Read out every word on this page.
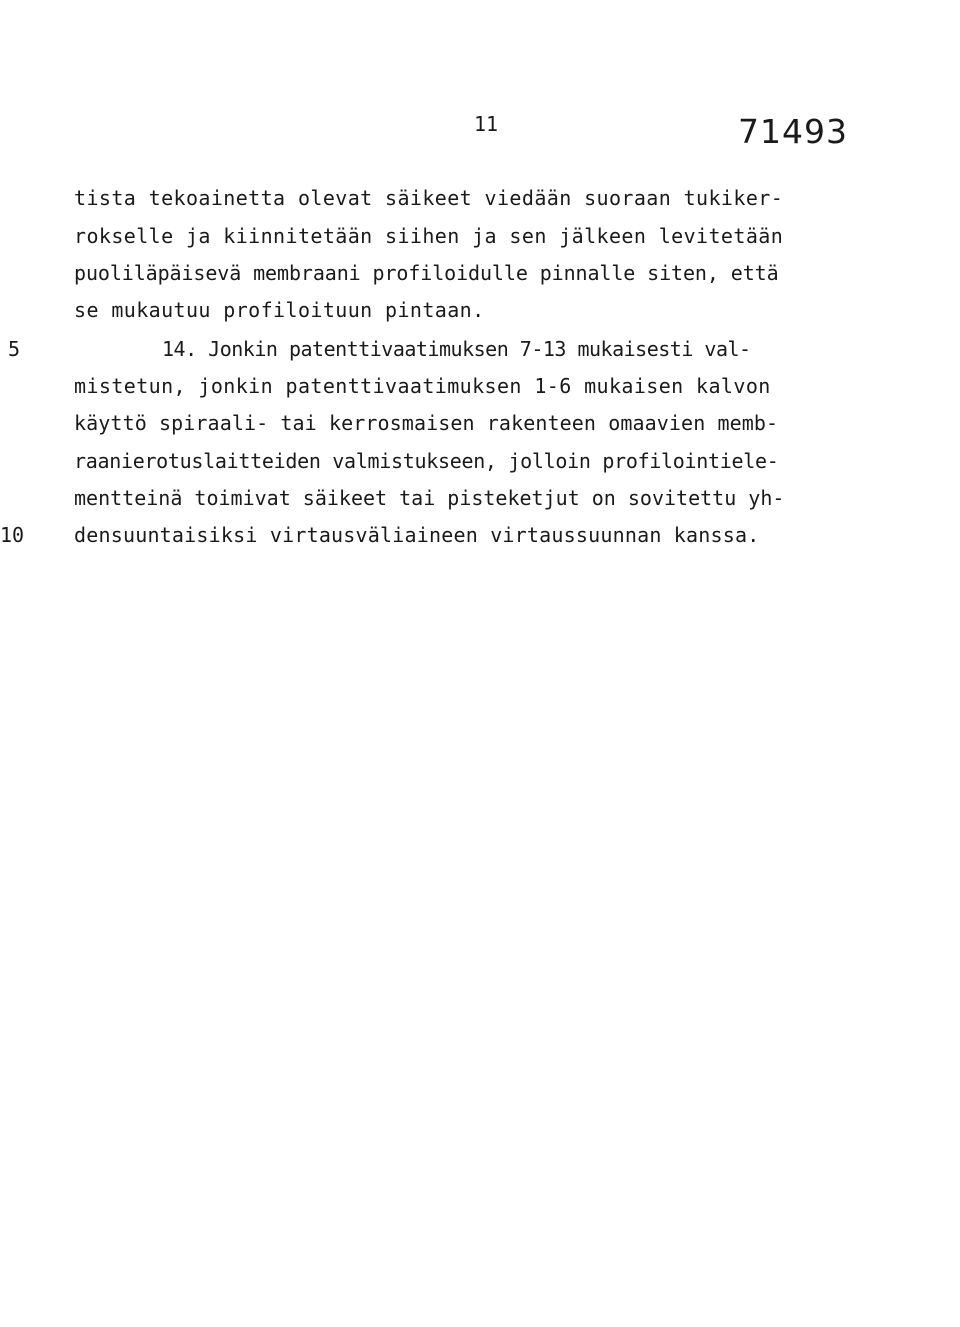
11	71493
5
10
tista tekoainetta olevat säikeet viedään suoraan tukiker-
rokselle ja kiinnitetään siihen ja sen jälkeen levitetään
puoliläpäisevä membraani profiloidulle pinnalle siten, että
se mukautuu profiloituun pintaan.
14. Jonkin patenttivaatimuksen 7-13 mukaisesti val-
mistetun, jonkin patenttivaatimuksen 1-6 mukaisen kalvon
käyttö spiraali- tai kerrosmaisen rakenteen omaavien memb-
raanierotuslaitteiden valmistukseen, jolloin profilointiele-
mentteinä toimivat säikeet tai pisteketjut on sovitettu yh-
densuuntaisiksi virtausväliaineen virtaussuunnan kanssa.
